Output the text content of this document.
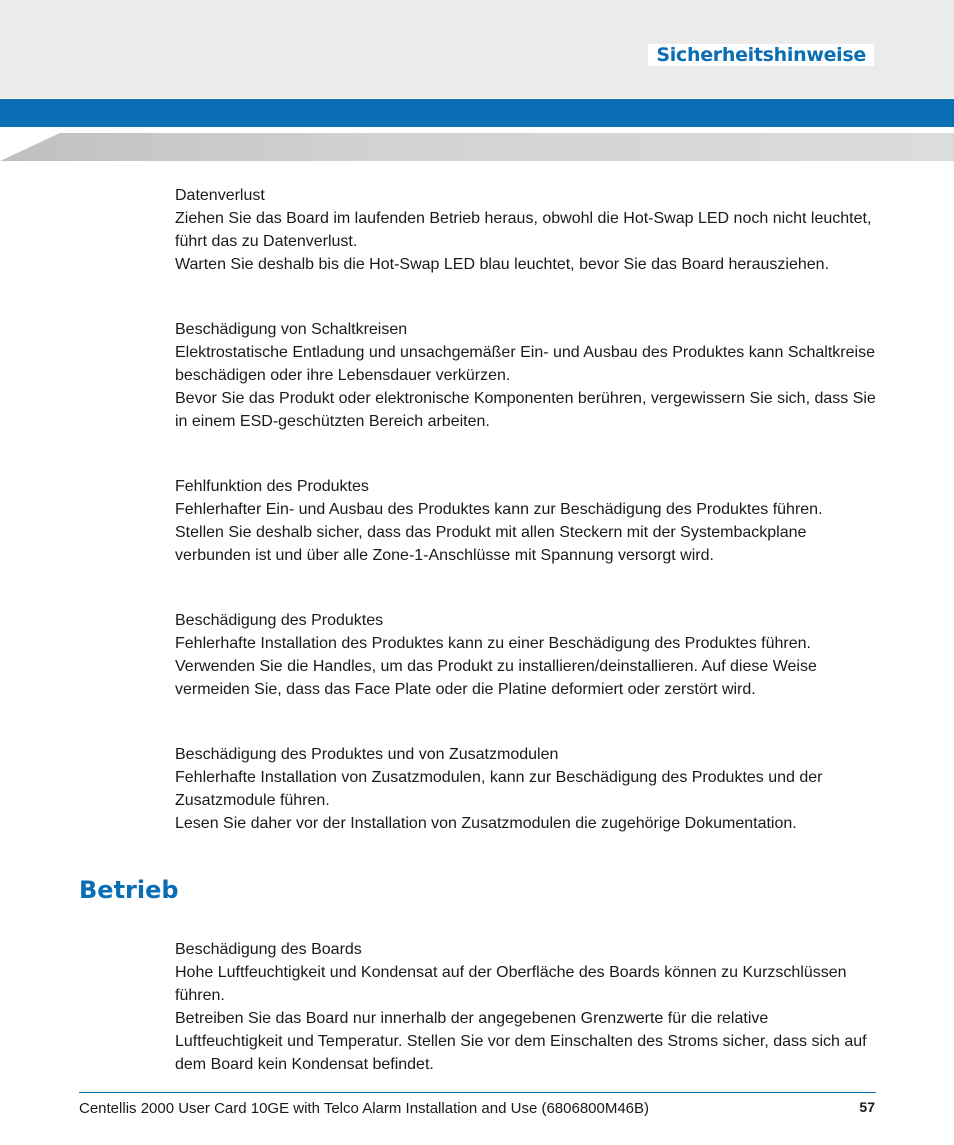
Sicherheitshinweise

Datenverlust

Ziehen Sie das Board im laufenden Betrieb heraus, obwohl die Hot-Swap LED noch nicht leuchtet, führt das zu Datenverlust.

Warten Sie deshalb bis die Hot-Swap LED blau leuchtet, bevor Sie das Board herausziehen.

Beschädigung von Schaltkreisen

Elektrostatische Entladung und unsachgemäßer Ein- und Ausbau des Produktes kann Schaltkreise beschädigen oder ihre Lebensdauer verkürzen.

Bevor Sie das Produkt oder elektronische Komponenten berühren, vergewissern Sie sich, dass Sie in einem ESD-geschützten Bereich arbeiten.

Fehlfunktion des Produktes

Fehlerhafter Ein- und Ausbau des Produktes kann zur Beschädigung des Produktes führen.

Stellen Sie deshalb sicher, dass das Produkt mit allen Steckern mit der Systembackplane verbunden ist und über alle Zone-1-Anschlüsse mit Spannung versorgt wird.

Beschädigung des Produktes

Fehlerhafte Installation des Produktes kann zu einer Beschädigung des Produktes führen.

Verwenden Sie die Handles, um das Produkt zu installieren/deinstallieren. Auf diese Weise vermeiden Sie, dass das Face Plate oder die Platine deformiert oder zerstört wird.

Beschädigung des Produktes und von Zusatzmodulen

Fehlerhafte Installation von Zusatzmodulen, kann zur Beschädigung des Produktes und der Zusatzmodule führen.

Lesen Sie daher vor der Installation von Zusatzmodulen die zugehörige Dokumentation.

Betrieb

Beschädigung des Boards

Hohe Luftfeuchtigkeit und Kondensat auf der Oberfläche des Boards können zu Kurzschlüssen führen.

Betreiben Sie das Board nur innerhalb der angegebenen Grenzwerte für die relative Luftfeuchtigkeit und Temperatur. Stellen Sie vor dem Einschalten des Stroms sicher, dass sich auf dem Board kein Kondensat befindet.

Centellis 2000 User Card 10GE with Telco Alarm Installation and Use (6806800M46B)	57
